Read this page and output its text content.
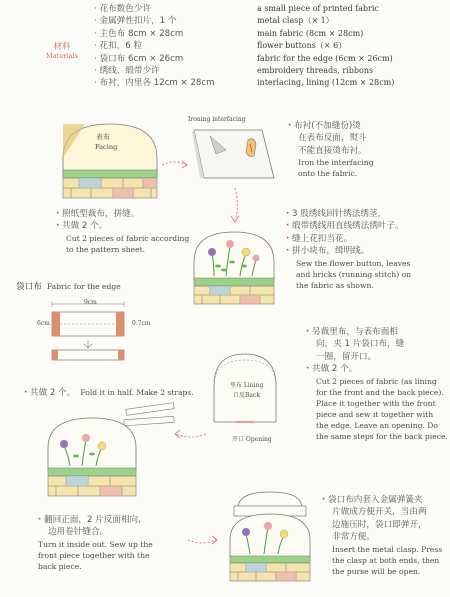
材料
Materials
· 花布数色少许
· 金属弹性扣片，1 个
· 主色布 8cm × 28cm
· 花扣，6 粒
· 袋口布 6cm × 26cm
· 绣线、缎带少许
· 布衬，内里各 12cm × 28cm
a small piece of printed fabric
metal clasp（× 1）
main fabric (8cm × 28cm)
flower buttons（× 6）
fabric for the edge (6cm × 26cm)
embroidery threads, ribbons
interlacing, lining (12cm × 28cm)
表布
Facing
· 照纸型裁布，拼缝。
· 共做 2 个。
Cut 2 pieces of fabric according
to the pattern sheet.
Ironing interfacing
· 布衬(不加缝份)烫
在表布反面，熨斗
不能直接烫布衬。
Iron the interfacing
onto the fabric.
· 3 股绣线回针绣法绣茎，
· 缎带绣线用直线绣法绣叶子。
· 缝上花扣当花。
· 拼小块布，缉明线。
Sew the flower button, leaves
and bricks (running stitch) on
the fabric as shown.
袋口布 Fabric for the edge
9cm
6cm	0.7cm
· 共做 2 个。 Fold it in half. Make 2 straps.
里布 Lining
口反Back
开口 Opening
· 另裁里布，与表布面相
向，夹 1 片袋口布，缝
一圈，留开口。
· 共做 2 个。
Cut 2 pieces of fabric (as lining
for the front and the back piece).
Place it together with the front
piece and sew it together with
the edge. Leave an opening. Do
the same steps for the back piece.
· 翻回正面，2 片反面相向，
边用卷针缝合。
Turn it inside out. Sew up the
front piece together with the
back piece.
· 袋口布内套入金属弹簧夹
片做成方便开关，当由两
边施压时，袋口即弹开，
非常方便。
Insert the metal clasp. Press
the clasp at both ends, then
the purse will be open.
